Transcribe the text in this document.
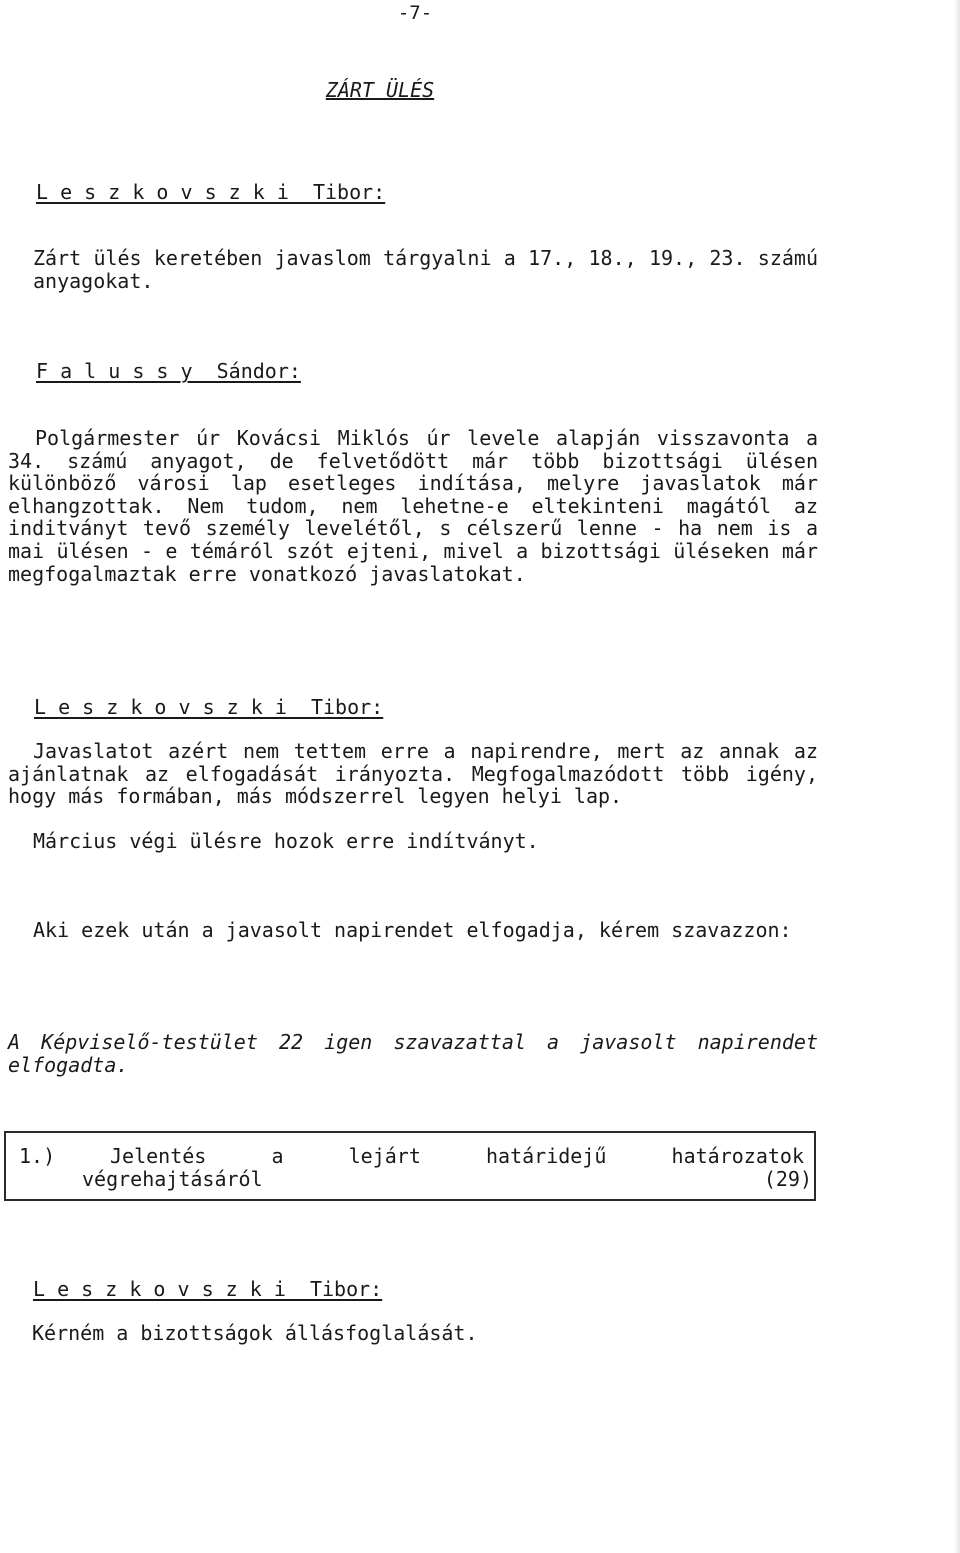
-7-

ZÁRT ÜLÉS

L e s z k o v s z k i  Tibor:

Zárt ülés keretében javaslom tárgyalni a 17., 18., 19., 23. számú anyagokat.

F a l u s s y  Sándor:

Polgármester úr Kovácsi Miklós úr levele alapján visszavonta a 34. számú anyagot, de felvetődött már több bizottsági ülésen különböző városi lap esetleges indítása, melyre javaslatok már elhangzottak. Nem tudom, nem lehetne-e eltekinteni magától az inditványt tevő személy levelétől, s célszerű lenne - ha nem is a mai ülésen - e témáról szót ejteni, mivel a bizottsági üléseken már megfogalmaztak erre vonatkozó javaslatokat.

L e s z k o v s z k i  Tibor:

Javaslatot azért nem tettem erre a napirendre, mert az annak az ajánlatnak az elfogadását irányozta. Megfogalmazódott több igény, hogy más formában, más módszerrel legyen helyi lap.

Március végi ülésre hozok erre indítványt.

Aki ezek után a javasolt napirendet elfogadja, kérem szavazzon:

A Képviselő-testület 22 igen szavazattal a javasolt napirendet elfogadta.

1.)	Jelentés a lejárt határidejű határozatok
végrehajtásáról	(29)

L e s z k o v s z k i  Tibor:

Kérném a bizottságok állásfoglalását.
